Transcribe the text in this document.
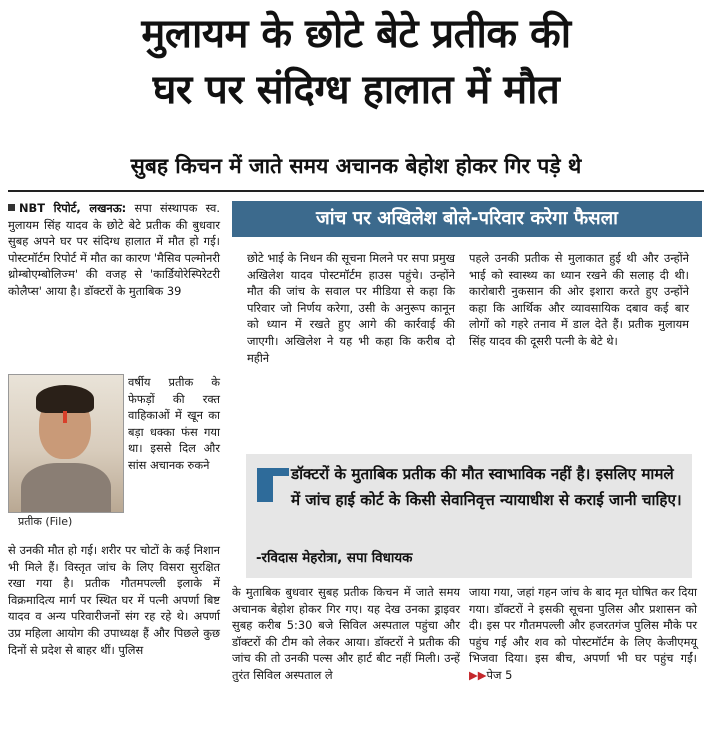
मुलायम के छोटे बेटे प्रतीक की
घर पर संदिग्ध हालात में मौत
सुबह किचन में जाते समय अचानक बेहोश होकर गिर पड़े थे

NBT रिपोर्ट, लखनऊ: सपा संस्थापक स्व. मुलायम सिंह यादव के छोटे बेटे प्रतीक की बुधवार सुबह अपने घर पर संदिग्ध हालात में मौत हो गई। पोस्टमॉर्टम रिपोर्ट में मौत का कारण 'मैसिव पल्मोनरी थ्रोम्बोएम्बोलिज्म' की वजह से 'कार्डियोरेस्पिरेटरी कोलैप्स' आया है। डॉक्टरों के मुताबिक 39

प्रतीक (File)

वर्षीय प्रतीक के फेफड़ों की रक्त वाहिकाओं में खून का बड़ा धक्का फंस गया था। इससे दिल और सांस अचानक रुकने

से उनकी मौत हो गई। शरीर पर चोटों के कई निशान भी मिले हैं। विस्तृत जांच के लिए विसरा सुरक्षित रखा गया है। प्रतीक गौतमपल्ली इलाके में विक्रमादित्य मार्ग पर स्थित घर में पत्नी अपर्णा बिष्ट यादव व अन्य परिवारीजनों संग रह रहे थे। अपर्णा उप्र महिला आयोग की उपाध्यक्ष हैं और पिछले कुछ दिनों से प्रदेश से बाहर थीं। पुलिस

जांच पर अखिलेश बोले-परिवार करेगा फैसला

छोटे भाई के निधन की सूचना मिलने पर सपा प्रमुख अखिलेश यादव पोस्टमॉर्टम हाउस पहुंचे। उन्होंने मौत की जांच के सवाल पर मीडिया से कहा कि परिवार जो निर्णय करेगा, उसी के अनुरूप कानून को ध्यान में रखते हुए आगे की कार्रवाई की जाएगी। अखिलेश ने यह भी कहा कि करीब दो महीने

पहले उनकी प्रतीक से मुलाकात हुई थी और उन्होंने भाई को स्वास्थ्य का ध्यान रखने की सलाह दी थी। कारोबारी नुकसान की ओर इशारा करते हुए उन्होंने कहा कि आर्थिक और व्यावसायिक दबाव कई बार लोगों को गहरे तनाव में डाल देते हैं। प्रतीक मुलायम सिंह यादव की दूसरी पत्नी के बेटे थे।

डॉक्टरों के मुताबिक प्रतीक की मौत स्वाभाविक नहीं है। इसलिए मामले में जांच हाई कोर्ट के किसी सेवानिवृत्त न्यायाधीश से कराई जानी चाहिए।

-रविदास मेहरोत्रा, सपा विधायक

के मुताबिक बुधवार सुबह प्रतीक किचन में जाते समय अचानक बेहोश होकर गिर गए। यह देख उनका ड्राइवर सुबह करीब 5:30 बजे सिविल अस्पताल पहुंचा और डॉक्टरों की टीम को लेकर आया। डॉक्टरों ने प्रतीक की जांच की तो उनकी पल्स और हार्ट बीट नहीं मिली। उन्हें तुरंत सिविल अस्पताल ले

जाया गया, जहां गहन जांच के बाद मृत घोषित कर दिया गया। डॉक्टरों ने इसकी सूचना पुलिस और प्रशासन को दी। इस पर गौतमपल्ली और हजरतगंज पुलिस मौके पर पहुंच गई और शव को पोस्टमॉर्टम के लिए केजीएमयू भिजवा दिया। इस बीच, अपर्णा भी घर पहुंच गईं। ▶▶पेज 5
